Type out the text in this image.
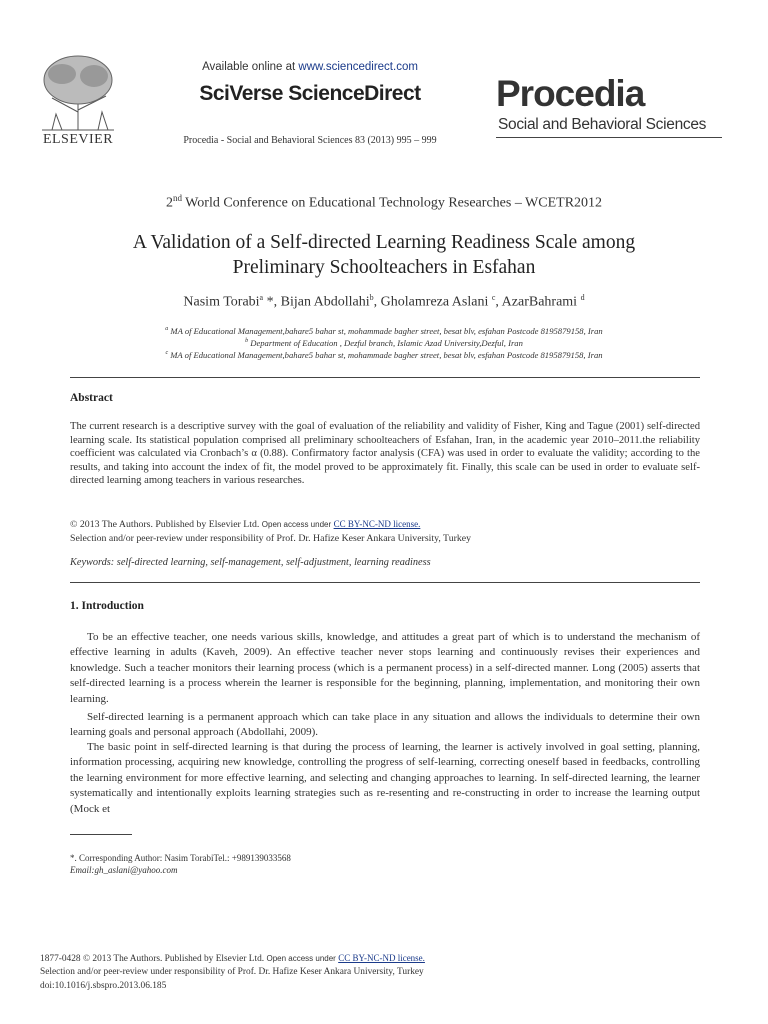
ELSEVIER
Available online at www.sciencedirect.com
SciVerse ScienceDirect
Procedia - Social and Behavioral Sciences 83 (2013) 995 – 999
Procedia
Social and Behavioral Sciences
2nd World Conference on Educational Technology Researches – WCETR2012
A Validation of a Self-directed Learning Readiness Scale among
Preliminary Schoolteachers in Esfahan
Nasim Torabi$^a$ *, Bijan Abdollahi$^b$, Gholamreza Aslani $^c$, AzarBahrami $^d$
$^a$ MA of Educational Management,bahare5 bahar st, mohammade bagher street, besat blv, esfahan Postcode 8195879158, Iran
$^b$ Department of Education , Dezful branch, Islamic Azad University,Dezful, Iran
$^c$ MA of Educational Management,bahare5 bahar st, mohammade bagher street, besat blv, esfahan Postcode 8195879158, Iran
Abstract
The current research is a descriptive survey with the goal of evaluation of the reliability and validity of Fisher, King and Tague (2001) self-directed learning scale. Its statistical population comprised all preliminary schoolteachers of Esfahan, Iran, in the academic year 2010–2011.the reliability coefficient was calculated via Cronbach’s α (0.88). Confirmatory factor analysis (CFA) was used in order to evaluate the validity; according to the results, and taking into account the index of fit, the model proved to be approximately fit. Finally, this scale can be used in order to evaluate self-directed learning among teachers in various researches.
© 2013 The Authors. Published by Elsevier Ltd. Open access under CC BY-NC-ND license.
Selection and/or peer-review under responsibility of Prof. Dr. Hafize Keser Ankara University, Turkey
Keywords: self-directed learning, self-management, self-adjustment, learning readiness
1. Introduction
To be an effective teacher, one needs various skills, knowledge, and attitudes a great part of which is to understand the mechanism of effective learning in adults (Kaveh, 2009). An effective teacher never stops learning and continuously revises their experiences and knowledge. Such a teacher monitors their learning process (which is a permanent process) in a self-directed manner. Long (2005) asserts that self-directed learning is a process wherein the learner is responsible for the beginning, planning, implementation, and monitoring their own learning.
Self-directed learning is a permanent approach which can take place in any situation and allows the individuals to determine their own learning goals and personal approach (Abdollahi, 2009).
The basic point in self-directed learning is that during the process of learning, the learner is actively involved in goal setting, planning, information processing, acquiring new knowledge, controlling the progress of self-learning, correcting oneself based in feedbacks, controlling the learning environment for more effective learning, and selecting and changing approaches to learning. In self-directed learning, the learner systematically and intentionally exploits learning strategies such as re-resenting and re-constructing in order to increase the learning output (Mock et
*. Corresponding Author: Nasim TorabiTel.: +989139033568
Email:gh_aslani@yahoo.com
1877-0428 © 2013 The Authors. Published by Elsevier Ltd. Open access under CC BY-NC-ND license.
Selection and/or peer-review under responsibility of Prof. Dr. Hafize Keser Ankara University, Turkey
doi:10.1016/j.sbspro.2013.06.185
